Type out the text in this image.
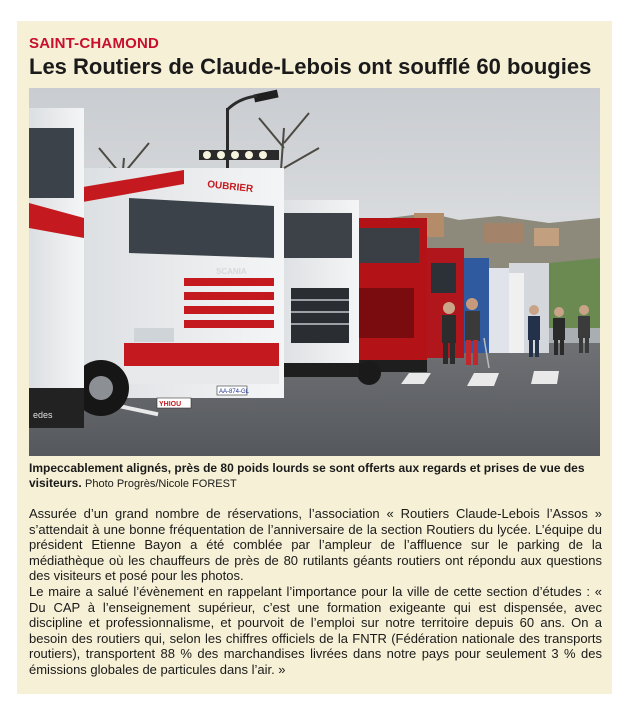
SAINT-CHAMOND
Les Routiers de Claude-Lebois ont soufflé 60 bougies
OUBRIER
SCANIA
AA-874-GL
YHIOU
edes
Impeccablement alignés, près de 80 poids lourds se sont offerts aux regards et prises de vue des visiteurs. Photo Progrès/Nicole FOREST

Assurée d’un grand nombre de réservations, l’association « Routiers Claude-Lebois l’Assos » s’attendait à une bonne fréquentation de l’anniversaire de la section Routiers du lycée. L’équipe du président Etienne Bayon a été comblée par l’ampleur de l’affluence sur le parking de la médiathèque où les chauffeurs de près de 80 rutilants géants routiers ont répondu aux questions des visiteurs et posé pour les photos.

Le maire a salué l’évènement en rappelant l’importance pour la ville de cette section d’études : « Du CAP à l’enseignement supérieur, c’est une formation exigeante qui est dispensée, avec discipline et professionnalisme, et pourvoit de l’emploi sur notre territoire depuis 60 ans. On a besoin des routiers qui, selon les chiffres officiels de la FNTR (Fédération nationale des transports routiers), transportent 88 % des marchandises livrées dans notre pays pour seulement 3 % des émissions globales de particules dans l’air. »
